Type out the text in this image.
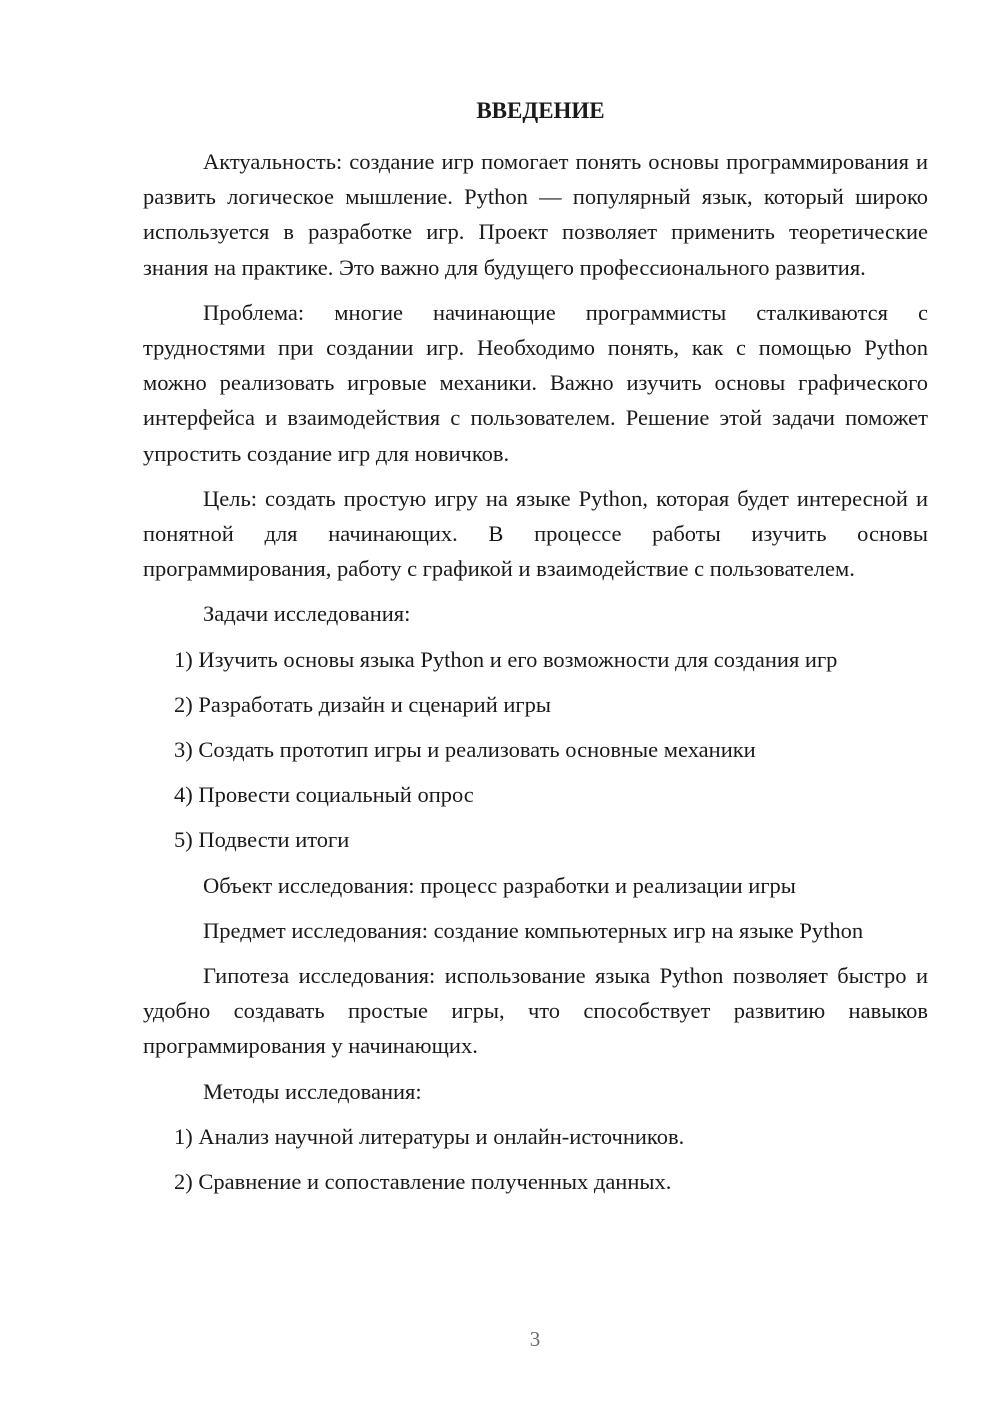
ВВЕДЕНИЕ

Актуальность: создание игр помогает понять основы программирования и развить логическое мышление. Python — популярный язык, который широко используется в разработке игр. Проект позволяет применить теоретические знания на практике. Это важно для будущего профессионального развития.

Проблема: многие начинающие программисты сталкиваются с трудностями при создании игр. Необходимо понять, как с помощью Python можно реализовать игровые механики. Важно изучить основы графического интерфейса и взаимодействия с пользователем. Решение этой задачи поможет упростить создание игр для новичков.

Цель: создать простую игру на языке Python, которая будет интересной и понятной для начинающих. В процессе работы изучить основы программирования, работу с графикой и взаимодействие с пользователем.

Задачи исследования:

1) Изучить основы языка Python и его возможности для создания игр

2) Разработать дизайн и сценарий игры

3) Создать прототип игры и реализовать основные механики

4) Провести социальный опрос

5) Подвести итоги

Объект исследования: процесс разработки и реализации игры

Предмет исследования: создание компьютерных игр на языке Python

Гипотеза исследования: использование языка Python позволяет быстро и удобно создавать простые игры, что способствует развитию навыков программирования у начинающих.

Методы исследования:

1) Анализ научной литературы и онлайн-источников.

2) Сравнение и сопоставление полученных данных.

3
